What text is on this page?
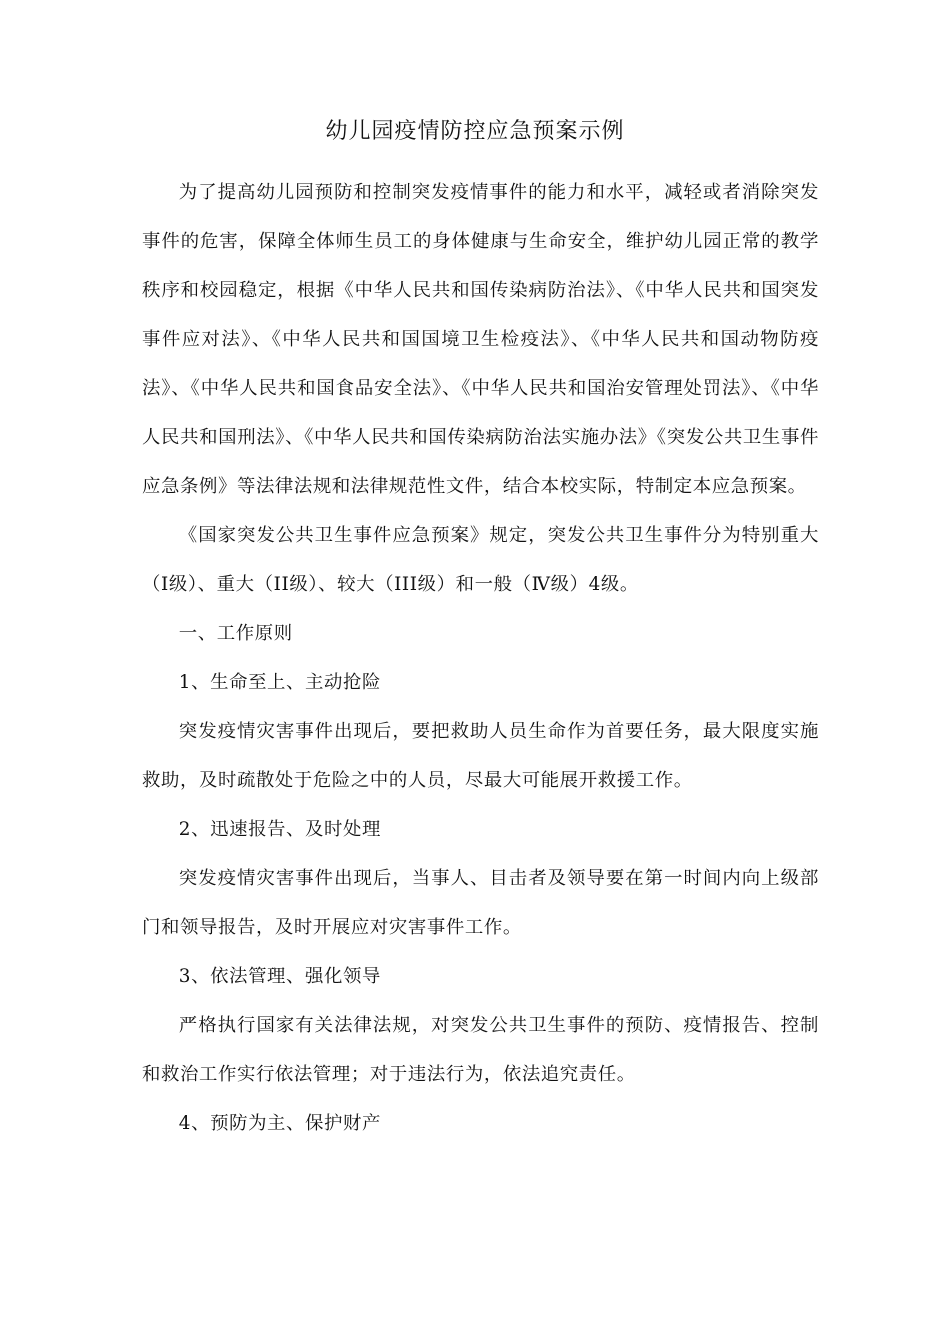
幼儿园疫情防控应急预案示例

为了提高幼儿园预防和控制突发疫情事件的能力和水平，减轻或者消除突发事件的危害，保障全体师生员工的身体健康与生命安全，维护幼儿园正常的教学秩序和校园稳定，根据《中华人民共和国传染病防治法》、《中华人民共和国突发事件应对法》、《中华人民共和国国境卫生检疫法》、《中华人民共和国动物防疫法》、《中华人民共和国食品安全法》、《中华人民共和国治安管理处罚法》、《中华人民共和国刑法》、《中华人民共和国传染病防治法实施办法》《突发公共卫生事件应急条例》等法律法规和法律规范性文件，结合本校实际，特制定本应急预案。

《国家突发公共卫生事件应急预案》规定，突发公共卫生事件分为特别重大（Ⅰ级）、重大（ⅠⅠ级）、较大（ⅠⅠⅠ级）和一般（Ⅳ级）4级。

一、工作原则

1、生命至上、主动抢险

突发疫情灾害事件出现后，要把救助人员生命作为首要任务，最大限度实施救助，及时疏散处于危险之中的人员，尽最大可能展开救援工作。

2、迅速报告、及时处理

突发疫情灾害事件出现后，当事人、目击者及领导要在第一时间内向上级部门和领导报告，及时开展应对灾害事件工作。

3、依法管理、强化领导

严格执行国家有关法律法规，对突发公共卫生事件的预防、疫情报告、控制和救治工作实行依法管理；对于违法行为，依法追究责任。

4、预防为主、保护财产
